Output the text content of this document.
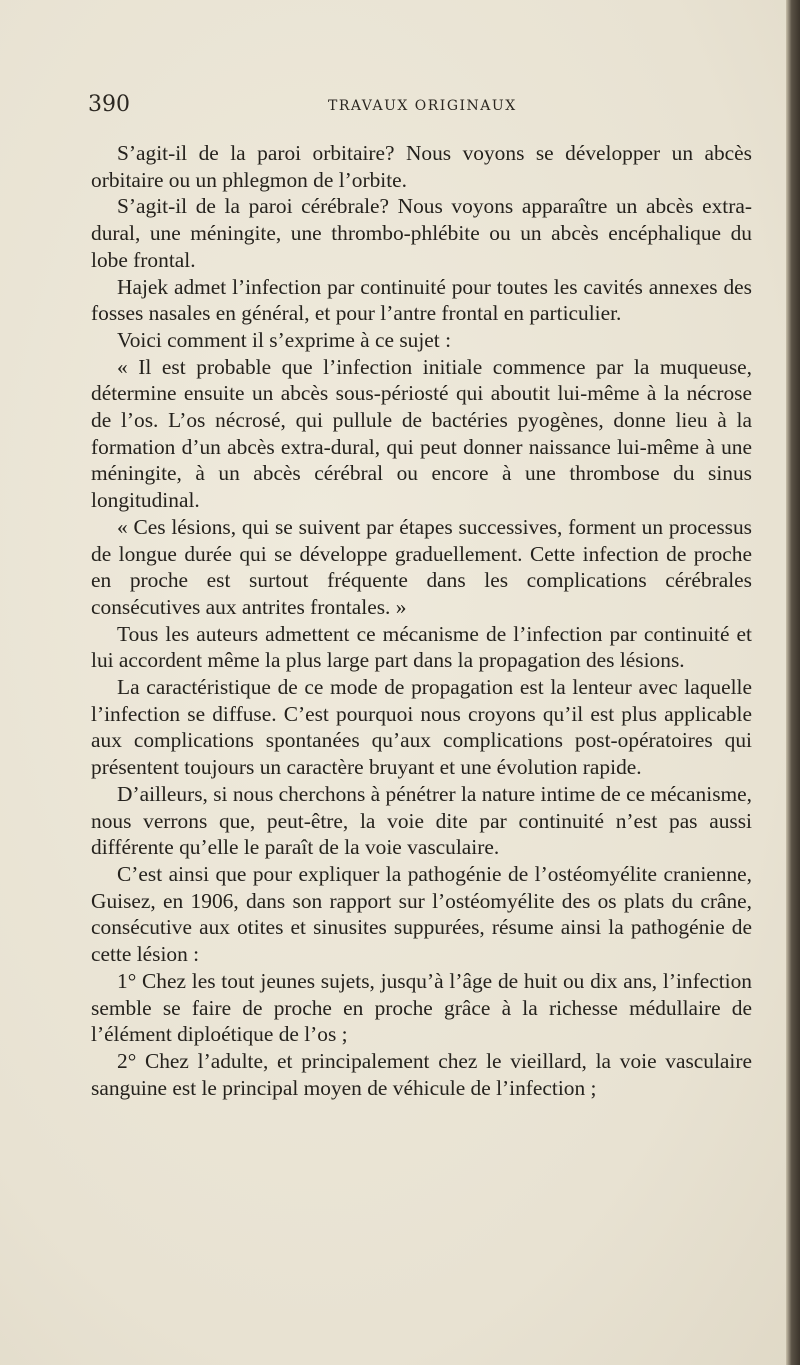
390	TRAVAUX ORIGINAUX

S’agit-il de la paroi orbitaire? Nous voyons se développer un abcès orbitaire ou un phlegmon de l’orbite.

S’agit-il de la paroi cérébrale? Nous voyons apparaître un abcès extra-dural, une méningite, une thrombo-phlébite ou un abcès encéphalique du lobe frontal.

Hajek admet l’infection par continuité pour toutes les cavités annexes des fosses nasales en général, et pour l’antre frontal en particulier.

Voici comment il s’exprime à ce sujet :

« Il est probable que l’infection initiale commence par la muqueuse, détermine ensuite un abcès sous-périosté qui aboutit lui-même à la nécrose de l’os. L’os nécrosé, qui pullule de bactéries pyogènes, donne lieu à la formation d’un abcès extra-dural, qui peut donner naissance lui-même à une méningite, à un abcès cérébral ou encore à une thrombose du sinus longitudinal.

« Ces lésions, qui se suivent par étapes successives, forment un processus de longue durée qui se développe graduellement. Cette infection de proche en proche est surtout fréquente dans les complications cérébrales consécutives aux antrites frontales. »

Tous les auteurs admettent ce mécanisme de l’infection par continuité et lui accordent même la plus large part dans la propagation des lésions.

La caractéristique de ce mode de propagation est la lenteur avec laquelle l’infection se diffuse. C’est pourquoi nous croyons qu’il est plus applicable aux complications spontanées qu’aux complications post-opératoires qui présentent toujours un caractère bruyant et une évolution rapide.

D’ailleurs, si nous cherchons à pénétrer la nature intime de ce mécanisme, nous verrons que, peut-être, la voie dite par continuité n’est pas aussi différente qu’elle le paraît de la voie vasculaire.

C’est ainsi que pour expliquer la pathogénie de l’ostéomyélite cranienne, Guisez, en 1906, dans son rapport sur l’ostéomyélite des os plats du crâne, consécutive aux otites et sinusites suppurées, résume ainsi la pathogénie de cette lésion :

1° Chez les tout jeunes sujets, jusqu’à l’âge de huit ou dix ans, l’infection semble se faire de proche en proche grâce à la richesse médullaire de l’élément diploétique de l’os ;

2° Chez l’adulte, et principalement chez le vieillard, la voie vasculaire sanguine est le principal moyen de véhicule de l’infection ;
